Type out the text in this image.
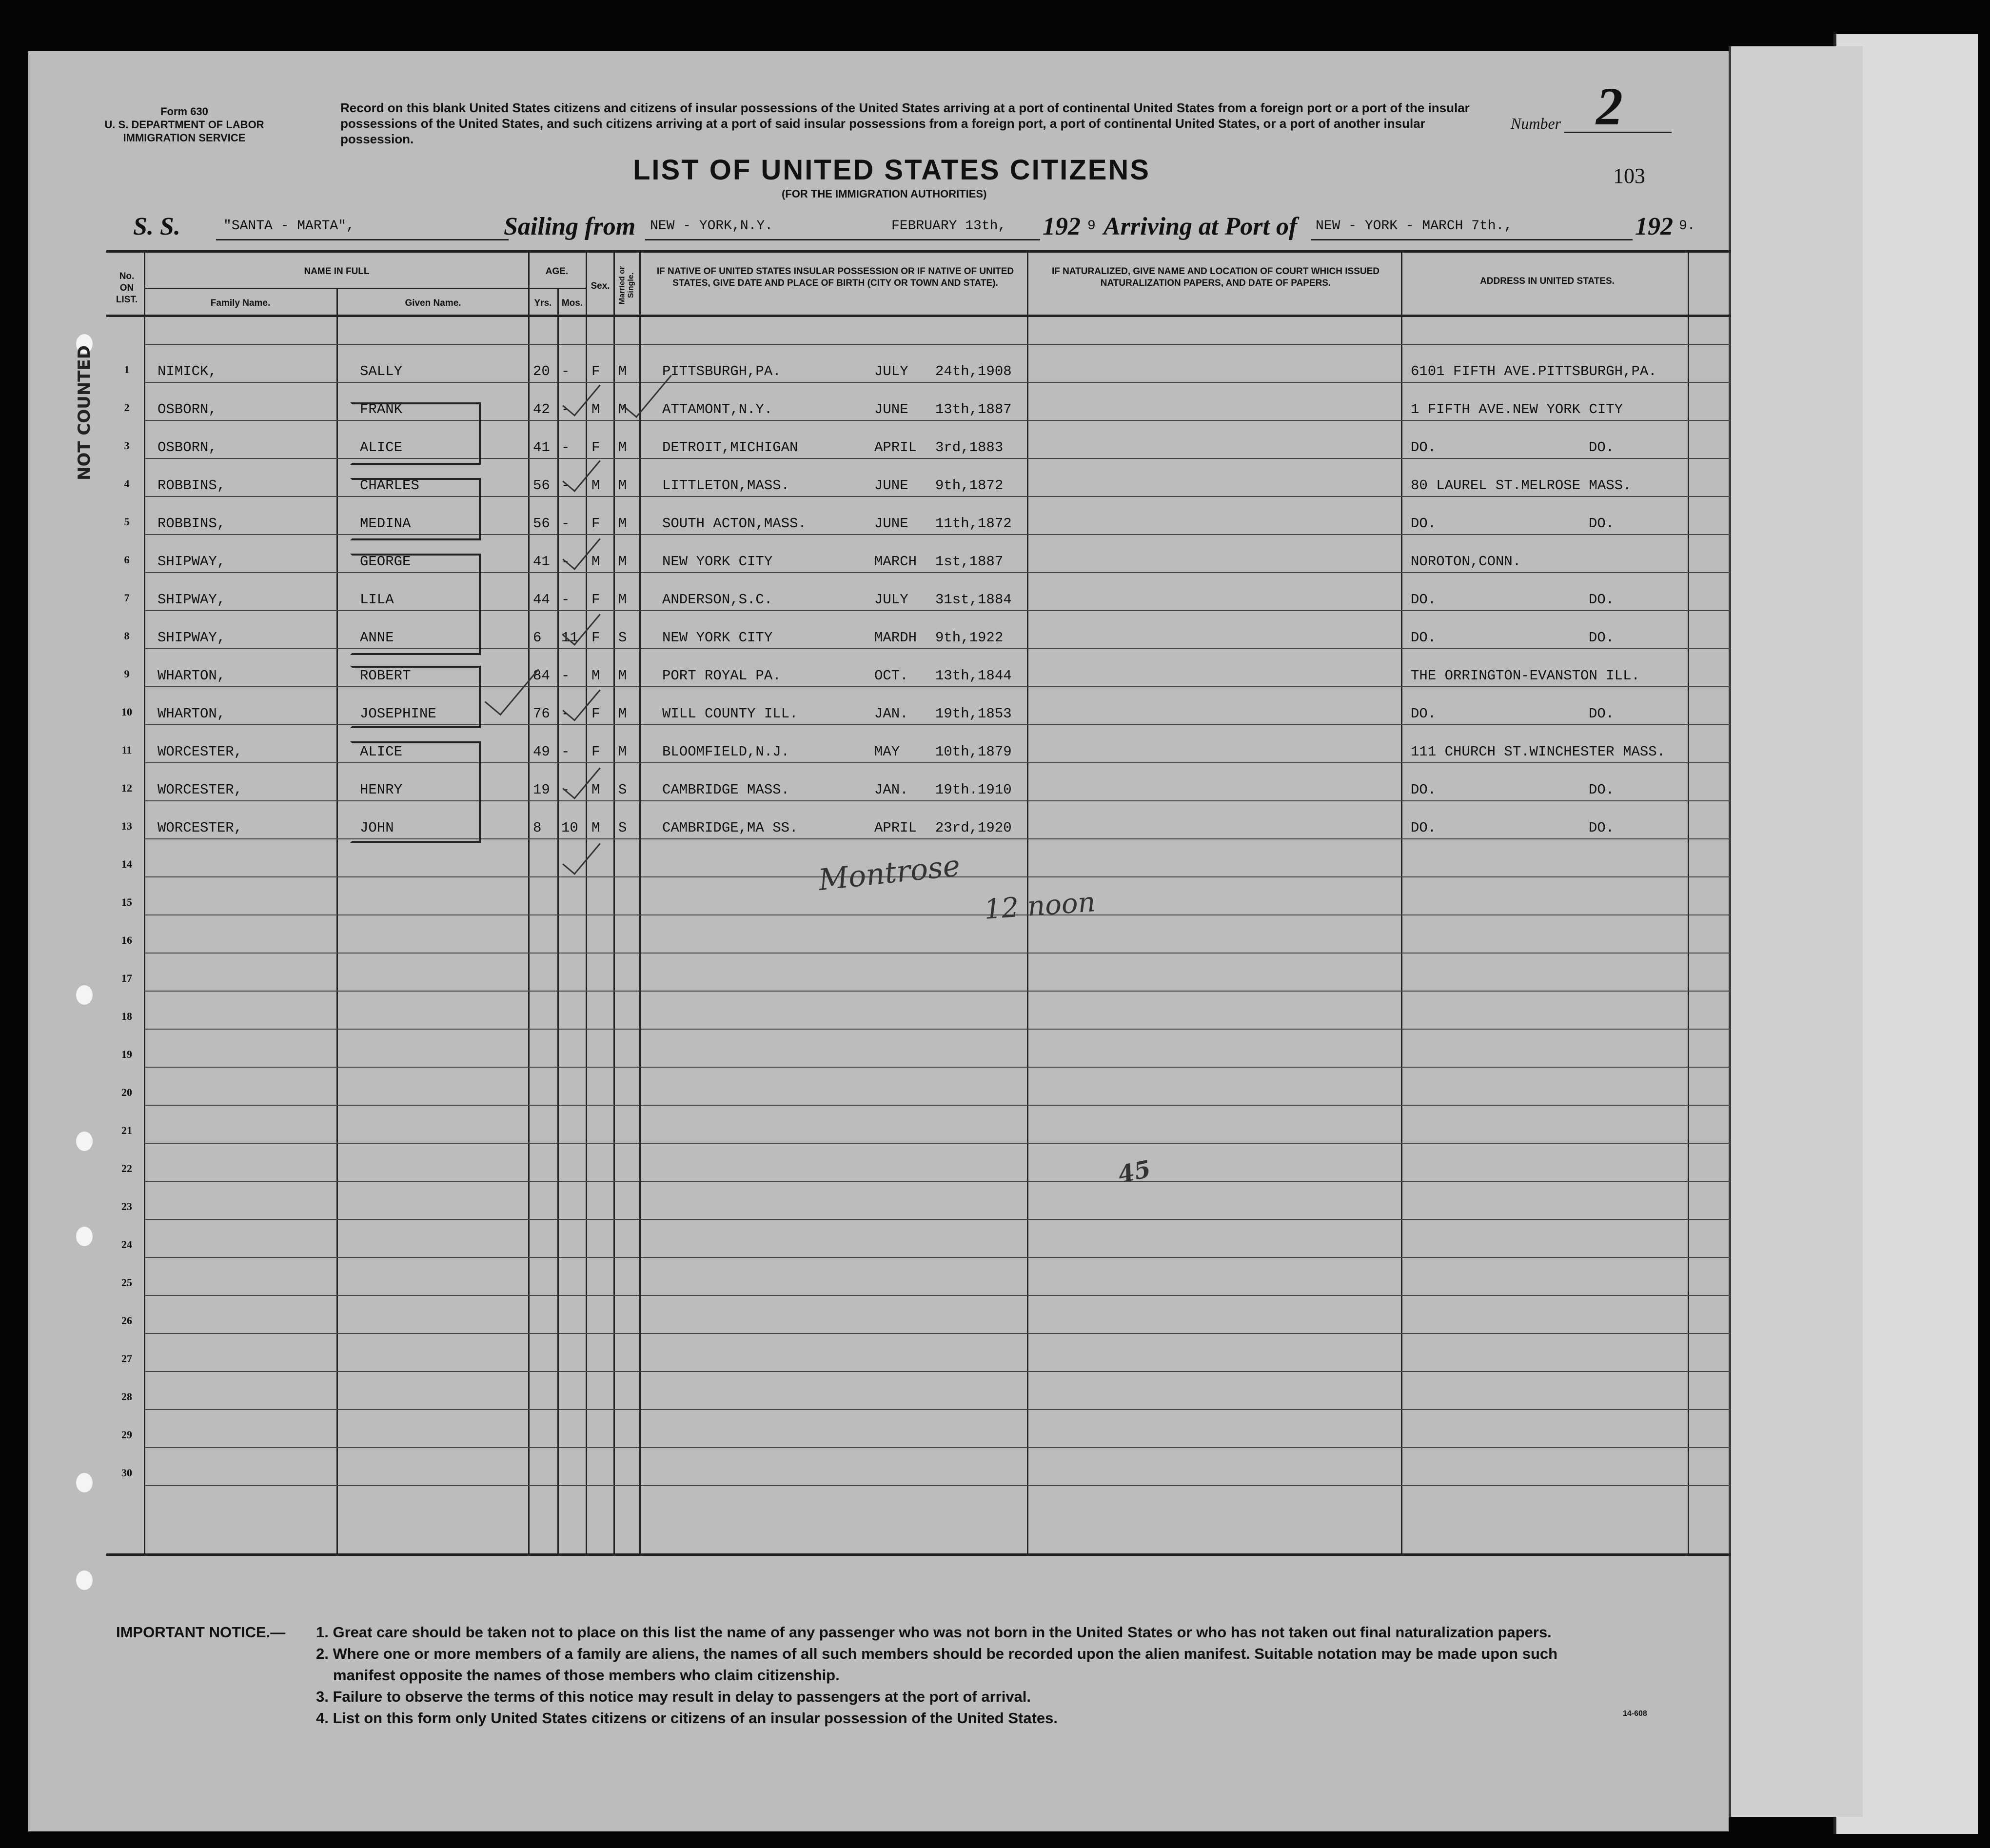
Form 630
U. S. DEPARTMENT OF LABOR
IMMIGRATION SERVICE
Record on this blank United States citizens and citizens of insular possessions of the United States arriving at a port of continental United States from a foreign port or a port of the insular possessions of the United States, and such citizens arriving at a port of said insular possessions from a foreign port, a port of continental United States, or a port of another insular possession.
Number 2
LIST OF UNITED STATES CITIZENS
(FOR THE IMMIGRATION AUTHORITIES)
103
S. S.	"SANTA - MARTA",	Sailing from NEW - YORK,N.Y.	FEBRUARY 13th, 192 9 Arriving at Port of NEW - YORK - MARCH 7th.,	192 9.
No. ON LIST.
NAME IN FULL
Family Name.	Given Name.
AGE.
Yrs.	Mos.
Sex.	Married or Single.
IF NATIVE OF UNITED STATES INSULAR POSSESSION OR IF NATIVE OF UNITED STATES, GIVE DATE AND PLACE OF BIRTH (CITY OR TOWN AND STATE).
IF NATURALIZED, GIVE NAME AND LOCATION OF COURT WHICH ISSUED NATURALIZATION PAPERS, AND DATE OF PAPERS.	ADDRESS IN UNITED STATES.
1	NIMICK,	SALLY	20 - F M	PITTSBURGH,PA.	JULY 24th,1908	6101 FIFTH AVE.PITTSBURGH,PA.
2	OSBORN,	FRANK	42 - M M	ATTAMONT,N.Y.	JUNE 13th,1887	1 FIFTH AVE.NEW YORK CITY
3	OSBORN,	ALICE	41 - F M	DETROIT,MICHIGAN	APRIL 3rd,1883	DO.	DO.
4	ROBBINS,	CHARLES	56 - M M	LITTLETON,MASS.	JUNE 9th,1872	80 LAUREL ST.MELROSE MASS.
5	ROBBINS,	MEDINA	56 - F M	SOUTH ACTON,MASS.	JUNE 11th,1872	DO.	DO.
6	SHIPWAY,	GEORGE	41 - M M	NEW YORK CITY	MARCH 1st,1887	NOROTON,CONN.
7	SHIPWAY,	LILA	44 - F M	ANDERSON,S.C.	JULY 31st,1884	DO.	DO.
8	SHIPWAY,	ANNE	6 11 F S	NEW YORK CITY	MARDH 9th,1922	DO.	DO.
9	WHARTON,	ROBERT	84 - M M	PORT ROYAL PA.	OCT. 13th,1844	THE ORRINGTON-EVANSTON ILL.
10	WHARTON,	JOSEPHINE	76 - F M	WILL COUNTY ILL.	JAN. 19th,1853	DO.	DO.
11	WORCESTER,	ALICE	49 - F M	BLOOMFIELD,N.J.	MAY	10th,1879	111 CHURCH ST.WINCHESTER MASS.
12	WORCESTER,	HENRY	19 - M S	CAMBRIDGE MASS.	JAN. 19th.1910	DO.	DO.
13	WORCESTER,	JOHN	8 10 M S	CAMBRIDGE,MA SS.	APRIL 23rd,1920	DO.	DO.
14
15
16
17
18
19
20
21
22
23
24
25
26
27
28
29
30
NOT COUNTED
Montrose
12 noon
45
IMPORTANT NOTICE.— 1. Great care should be taken not to place on this list the name of any passenger who was not born in the United States or who has not taken out final naturalization papers.
2. Where one or more members of a family are aliens, the names of all such members should be recorded upon the alien manifest. Suitable notation may be made upon such
manifest opposite the names of those members who claim citizenship.
3. Failure to observe the terms of this notice may result in delay to passengers at the port of arrival.
4. List on this form only United States citizens or citizens of an insular possession of the United States.	14-608
